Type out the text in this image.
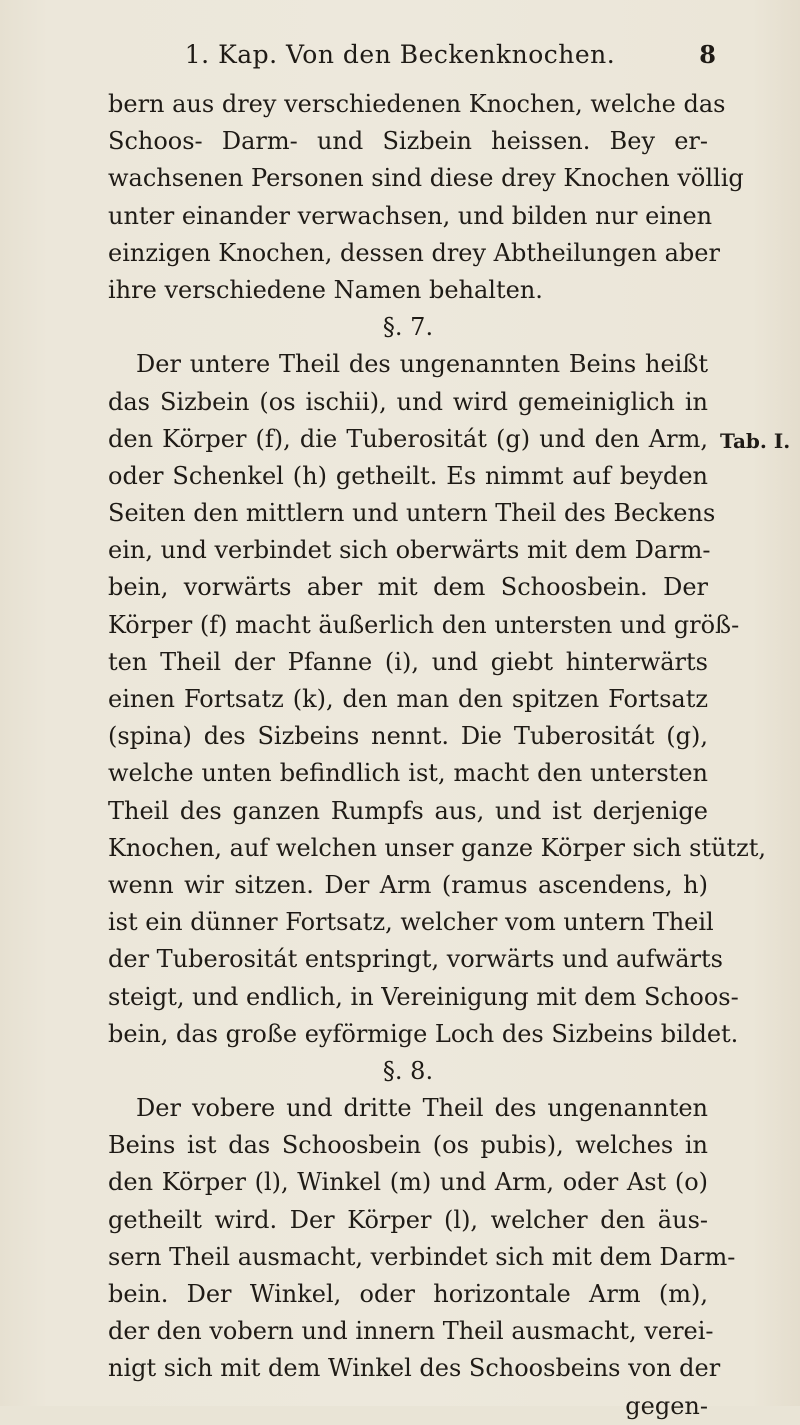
1. Kap. Von den Beckenknochen.	8
Tab. I.
bern aus drey verschiedenen Knochen, welche das
Schoos- Darm- und Sizbein heissen. Bey er-
wachsenen Personen sind diese drey Knochen völlig
unter einander verwachsen, und bilden nur einen
einzigen Knochen, dessen drey Abtheilungen aber
ihre verschiedene Namen behalten.
§. 7.
Der untere Theil des ungenannten Beins heißt
das Sizbein (os ischii), und wird gemeiniglich in
den Körper (f), die Tuberositát (g) und den Arm,
oder Schenkel (h) getheilt. Es nimmt auf beyden
Seiten den mittlern und untern Theil des Beckens
ein, und verbindet sich oberwärts mit dem Darm-
bein, vorwärts aber mit dem Schoosbein. Der
Körper (f) macht äußerlich den untersten und größ-
ten Theil der Pfanne (i), und giebt hinterwärts
einen Fortsatz (k), den man den spitzen Fortsatz
(spina) des Sizbeins nennt. Die Tuberositát (g),
welche unten befindlich ist, macht den untersten
Theil des ganzen Rumpfs aus, und ist derjenige
Knochen, auf welchen unser ganze Körper sich stützt,
wenn wir sitzen. Der Arm (ramus ascendens, h)
ist ein dünner Fortsatz, welcher vom untern Theil
der Tuberositát entspringt, vorwärts und aufwärts
steigt, und endlich, in Vereinigung mit dem Schoos-
bein, das große eyförmige Loch des Sizbeins bildet.
§. 8.
Der vobere und dritte Theil des ungenannten
Beins ist das Schoosbein (os pubis), welches in
den Körper (l), Winkel (m) und Arm, oder Ast (o)
getheilt wird. Der Körper (l), welcher den äus-
sern Theil ausmacht, verbindet sich mit dem Darm-
bein. Der Winkel, oder horizontale Arm (m),
der den vobern und innern Theil ausmacht, verei-
nigt sich mit dem Winkel des Schoosbeins von der
gegen-
